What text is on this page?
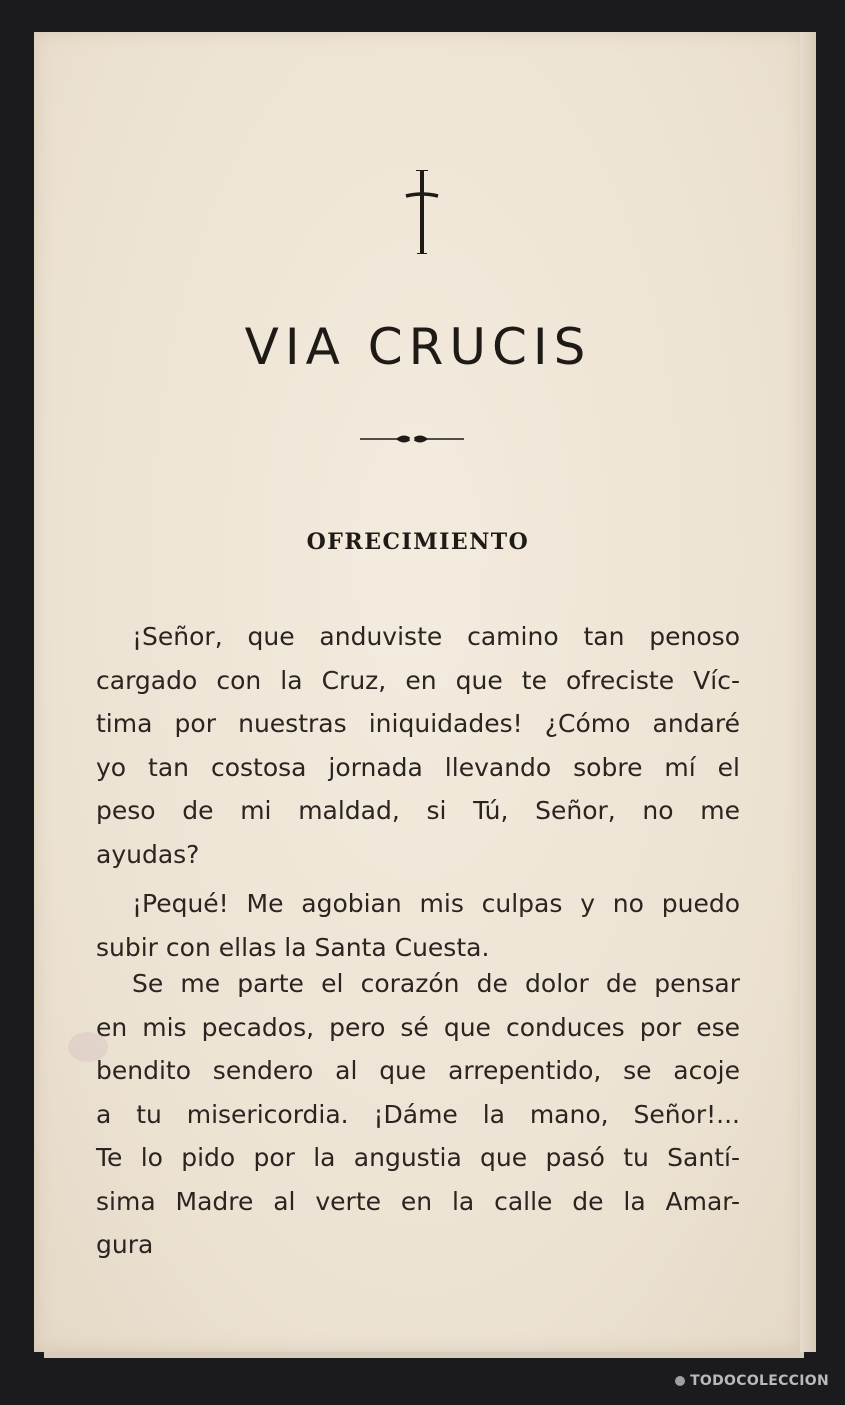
VIA CRUCIS
OFRECIMIENTO
¡Señor, que anduviste camino tan penoso
cargado con la Cruz, en que te ofreciste Víc-
tima por nuestras iniquidades! ¿Cómo andaré
yo tan costosa jornada llevando sobre mí el
peso de mi maldad, si Tú, Señor, no me
ayudas?
¡Pequé! Me agobian mis culpas y no puedo
subir con ellas la Santa Cuesta.
Se me parte el corazón de dolor de pensar
en mis pecados, pero sé que conduces por ese
bendito sendero al que arrepentido, se acoje
a tu misericordia. ¡Dáme la mano, Señor!...
Te lo pido por la angustia que pasó tu Santí-
sima Madre al verte en la calle de la Amar-
gura
TODOCOLECCION
